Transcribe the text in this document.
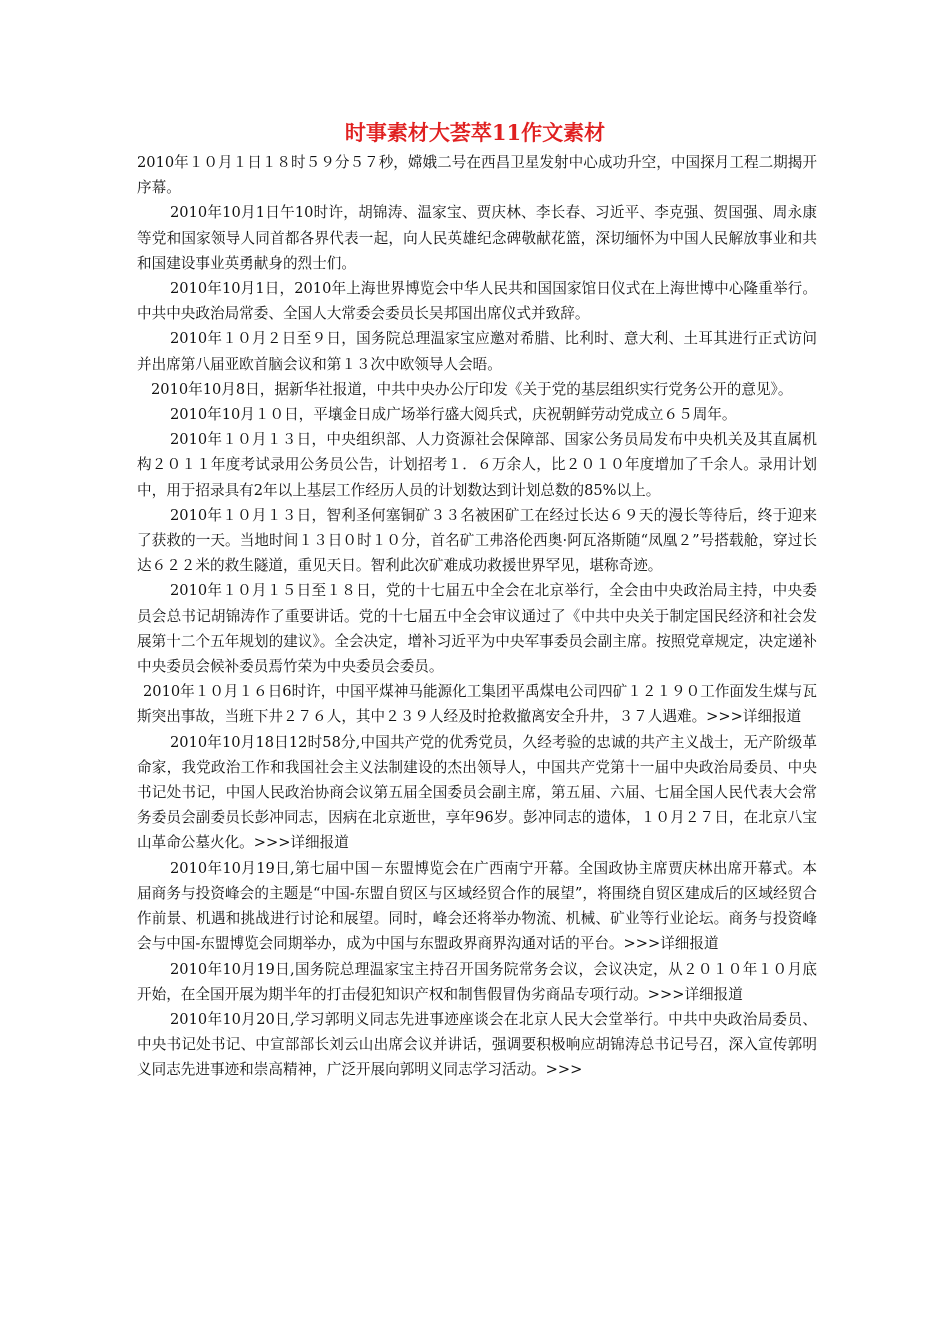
时事素材大荟萃11作文素材

2010年１０月１日１８时５９分５７秒，嫦娥二号在西昌卫星发射中心成功升空，中国探月工程二期揭开序幕。

2010年10月1日午10时许，胡锦涛、温家宝、贾庆林、李长春、习近平、李克强、贺国强、周永康等党和国家领导人同首都各界代表一起，向人民英雄纪念碑敬献花篮，深切缅怀为中国人民解放事业和共和国建设事业英勇献身的烈士们。

2010年10月1日，2010年上海世界博览会中华人民共和国国家馆日仪式在上海世博中心隆重举行。中共中央政治局常委、全国人大常委会委员长吴邦国出席仪式并致辞。

2010年１０月２日至９日，国务院总理温家宝应邀对希腊、比利时、意大利、土耳其进行正式访问并出席第八届亚欧首脑会议和第１３次中欧领导人会晤。

2010年10月8日，据新华社报道，中共中央办公厅印发《关于党的基层组织实行党务公开的意见》。

2010年10月１０日，平壤金日成广场举行盛大阅兵式，庆祝朝鲜劳动党成立６５周年。

2010年１０月１３日，中央组织部、人力资源社会保障部、国家公务员局发布中央机关及其直属机构２０１１年度考试录用公务员公告，计划招考１．６万余人，比２０１０年度增加了千余人。录用计划中，用于招录具有2年以上基层工作经历人员的计划数达到计划总数的85%以上。

2010年１０月１３日，智利圣何塞铜矿３３名被困矿工在经过长达６９天的漫长等待后，终于迎来了获救的一天。当地时间１３日０时１０分，首名矿工弗洛伦西奥·阿瓦洛斯随“凤凰２”号搭载舱，穿过长达６２２米的救生隧道，重见天日。智利此次矿难成功救援世界罕见，堪称奇迹。

2010年１０月１５日至１８日，党的十七届五中全会在北京举行，全会由中央政治局主持，中央委员会总书记胡锦涛作了重要讲话。党的十七届五中全会审议通过了《中共中央关于制定国民经济和社会发展第十二个五年规划的建议》。全会决定，增补习近平为中央军事委员会副主席。按照党章规定，决定递补中央委员会候补委员焉竹荣为中央委员会委员。

2010年１０月１６日6时许，中国平煤神马能源化工集团平禹煤电公司四矿１２１９０工作面发生煤与瓦斯突出事故，当班下井２７６人，其中２３９人经及时抢救撤离安全升井，３７人遇难。>>>详细报道

2010年10月18日12时58分,中国共产党的优秀党员，久经考验的忠诚的共产主义战士，无产阶级革命家，我党政治工作和我国社会主义法制建设的杰出领导人，中国共产党第十一届中央政治局委员、中央书记处书记，中国人民政治协商会议第五届全国委员会副主席，第五届、六届、七届全国人民代表大会常务委员会副委员长彭冲同志，因病在北京逝世，享年96岁。彭冲同志的遗体，１０月２７日，在北京八宝山革命公墓火化。>>>详细报道

2010年10月19日,第七届中国－东盟博览会在广西南宁开幕。全国政协主席贾庆林出席开幕式。本届商务与投资峰会的主题是“中国-东盟自贸区与区域经贸合作的展望”，将围绕自贸区建成后的区域经贸合作前景、机遇和挑战进行讨论和展望。同时，峰会还将举办物流、机械、矿业等行业论坛。商务与投资峰会与中国-东盟博览会同期举办，成为中国与东盟政界商界沟通对话的平台。>>>详细报道

2010年10月19日,国务院总理温家宝主持召开国务院常务会议，会议决定，从２０１０年１０月底开始，在全国开展为期半年的打击侵犯知识产权和制售假冒伪劣商品专项行动。>>>详细报道

2010年10月20日,学习郭明义同志先进事迹座谈会在北京人民大会堂举行。中共中央政治局委员、中央书记处书记、中宣部部长刘云山出席会议并讲话，强调要积极响应胡锦涛总书记号召，深入宣传郭明义同志先进事迹和崇高精神，广泛开展向郭明义同志学习活动。>>>
